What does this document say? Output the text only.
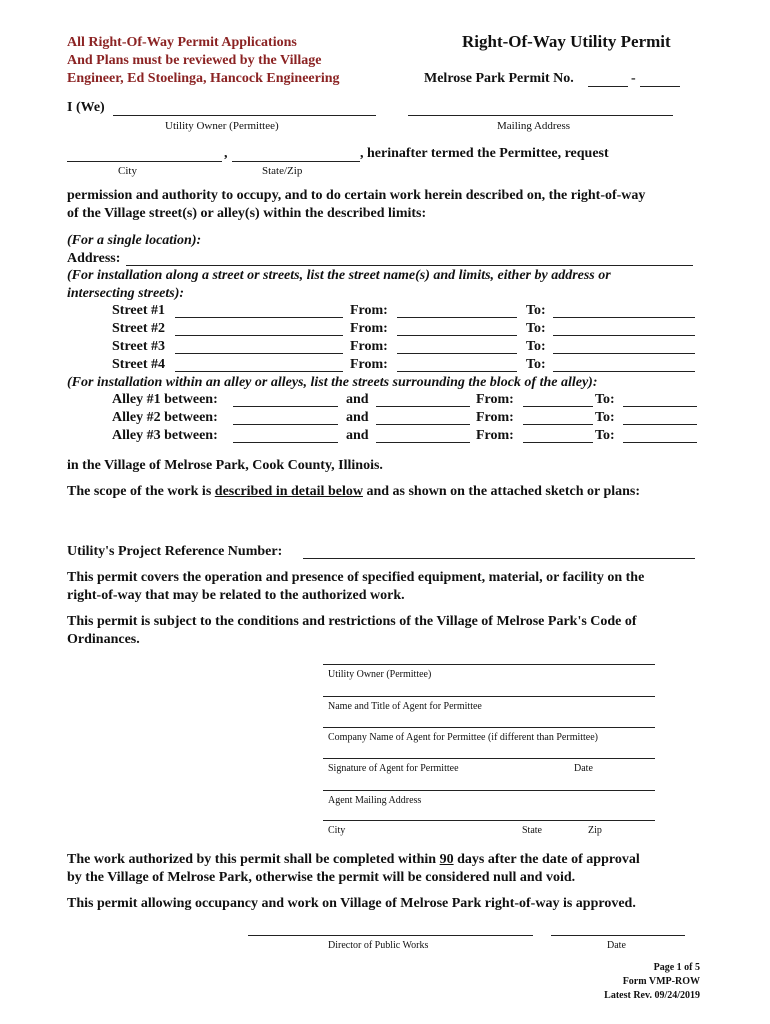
All Right-Of-Way Permit Applications
And Plans must be reviewed by the Village
Engineer, Ed Stoelinga, Hancock Engineering
Right-Of-Way Utility Permit
Melrose Park Permit No.	-
I (We)
Utility Owner (Permittee)	Mailing Address
,	, herinafter termed the Permittee, request
City	State/Zip
permission and authority to occupy, and to do certain work herein described on, the right-of-way
of the Village street(s) or alley(s) within the described limits:
(For a single location):
Address:
(For installation along a street or streets, list the street name(s) and limits, either by address or
intersecting streets):
Street #1	From:	To:
Street #2	From:	To:
Street #3	From:	To:
Street #4	From:	To:
(For installation within an alley or alleys, list the streets surrounding the block of the alley):
Alley #1 between:	and	From:	To:
Alley #2 between:	and	From:	To:
Alley #3 between:	and	From:	To:
in the Village of Melrose Park, Cook County, Illinois.
The scope of the work is described in detail below and as shown on the attached sketch or plans:
Utility's Project Reference Number:
This permit covers the operation and presence of specified equipment, material, or facility on the
right-of-way that may be related to the authorized work.
This permit is subject to the conditions and restrictions of the Village of Melrose Park's Code of
Ordinances.
Utility Owner (Permittee)
Name and Title of Agent for Permittee
Company Name of Agent for Permittee (if different than Permittee)
Signature of Agent for Permittee	Date
Agent Mailing Address
City	State	Zip
The work authorized by this permit shall be completed within 90 days after the date of approval
by the Village of Melrose Park, otherwise the permit will be considered null and void.
This permit allowing occupancy and work on Village of Melrose Park right-of-way is approved.
Director of Public Works	Date
Page 1 of 5
Form VMP-ROW
Latest Rev. 09/24/2019
